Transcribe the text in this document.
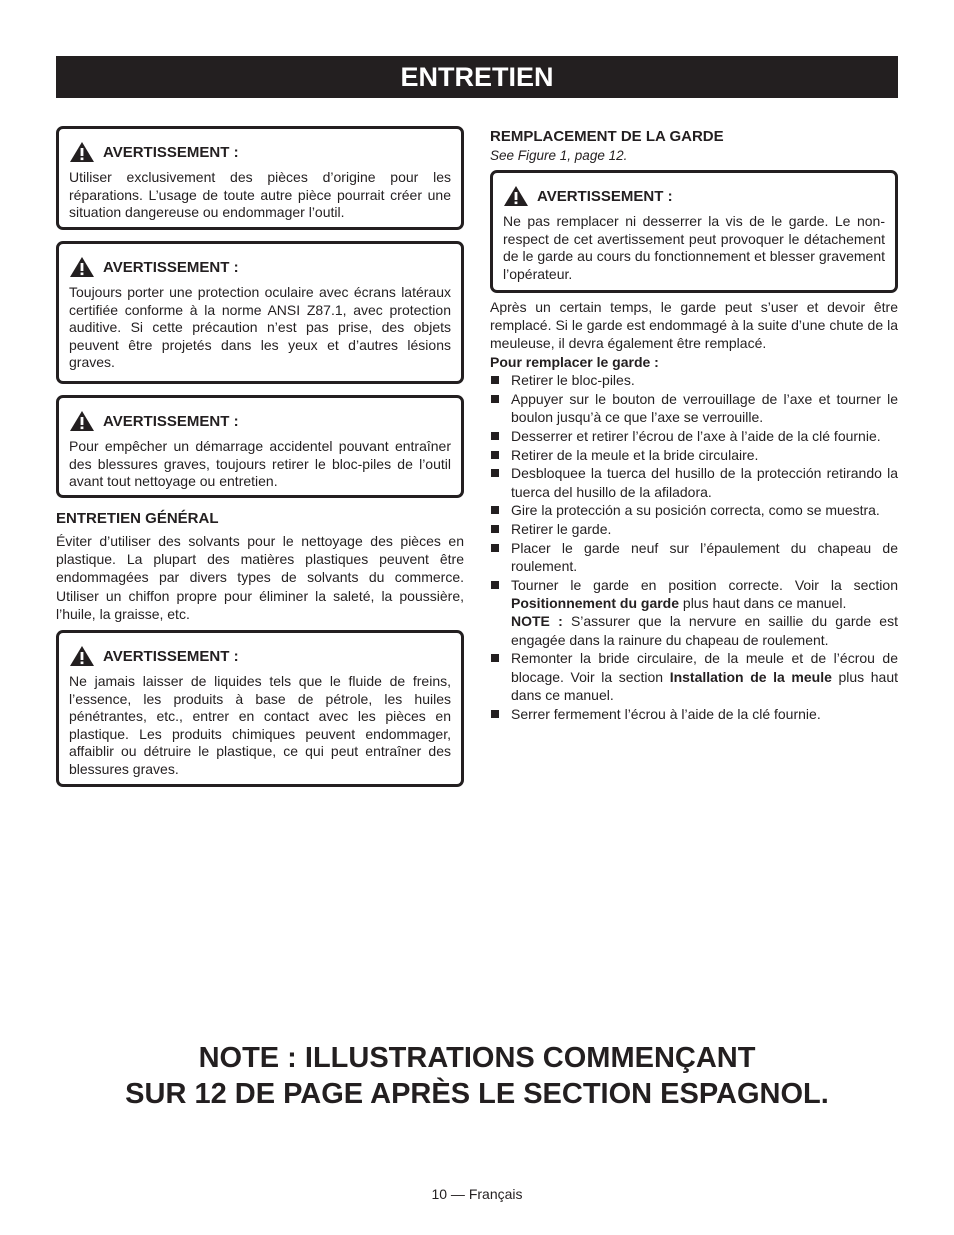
ENTRETIEN
AVERTISSEMENT :
Utiliser exclusivement des pièces d’origine pour les réparations. L’usage de toute autre pièce pourrait créer une situation dangereuse ou endommager l’outil.
AVERTISSEMENT :
Toujours porter une protection oculaire avec écrans latéraux certifiée conforme à la norme ANSI Z87.1, avec protection auditive. Si cette précaution n’est pas prise, des objets peuvent être projetés dans les yeux et d’autres lésions graves.
AVERTISSEMENT :
Pour empêcher un démarrage accidentel pouvant entraîner des blessures graves, toujours retirer le bloc-piles de l’outil avant tout nettoyage ou entretien.
ENTRETIEN GÉNÉRAL

Éviter d’utiliser des solvants pour le nettoyage des pièces en plastique. La plupart des matières plastiques peuvent être endommagées par divers types de solvants du commerce. Utiliser un chiffon propre pour éliminer la saleté, la poussière, l’huile, la graisse, etc.

AVERTISSEMENT :
Ne jamais laisser de liquides tels que le fluide de freins, l’essence, les produits à base de pétrole, les huiles pénétrantes, etc., entrer en contact avec les pièces en plastique. Les produits chimiques peuvent endommager, affaiblir ou détruire le plastique, ce qui peut entraîner des blessures graves.
REMPLACEMENT DE LA GARDE
See Figure 1, page 12.
AVERTISSEMENT :
Ne pas remplacer ni desserrer la vis de le garde. Le non-respect de cet avertissement peut provoquer le détachement de le garde au cours du fonctionnement et blesser gravement l’opérateur.

Après un certain temps, le garde peut s’user et devoir être remplacé. Si le garde est endommagé à la suite d’une chute de la meuleuse, il devra également être remplacé.

Pour remplacer le garde :
Retirer le bloc-piles.
Appuyer sur le bouton de verrouillage de l’axe et tourner le boulon jusqu’à ce que l’axe se verrouille.
Desserrer et retirer l’écrou de l’axe à l’aide de la clé fournie.
Retirer de la meule et la bride circulaire.
Desbloquee la tuerca del husillo de la protección retirando la tuerca del husillo de la afiladora.
Gire la protección a su posición correcta, como se muestra.
Retirer le garde.
Placer le garde neuf sur l’épaulement du chapeau de roulement.
Tourner le garde en position correcte. Voir la section Positionnement du garde plus haut dans ce manuel.
NOTE : S’assurer que la nervure en saillie du garde est engagée dans la rainure du chapeau de roulement.
Remonter la bride circulaire, de la meule et de l’écrou de blocage. Voir la section Installation de la meule plus haut dans ce manuel.
Serrer fermement l’écrou à l’aide de la clé fournie.
NOTE : ILLUSTRATIONS COMMENÇANT
SUR 12 DE PAGE APRÈS LE SECTION ESPAGNOL.
10 — Français
